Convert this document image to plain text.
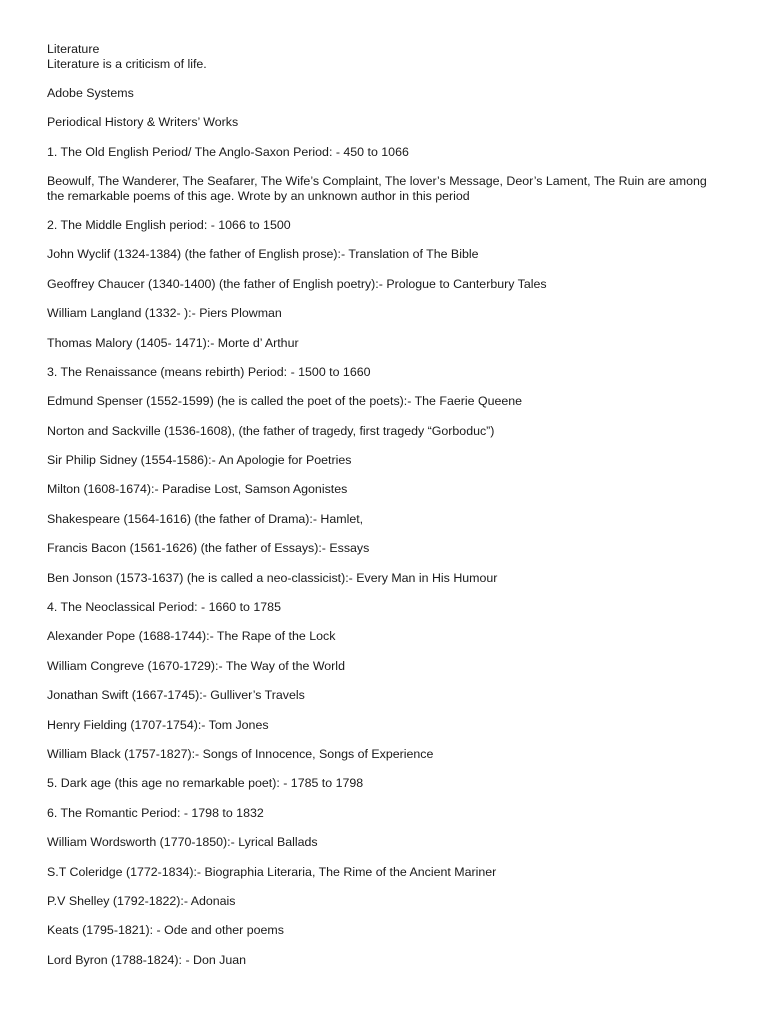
Literature

Literature is a criticism of life.

Adobe Systems

Periodical History & Writers’ Works

1. The Old English Period/ The Anglo-Saxon Period: - 450 to 1066

Beowulf, The Wanderer, The Seafarer, The Wife’s Complaint, The lover’s Message, Deor’s Lament, The Ruin are among the remarkable poems of this age. Wrote by an unknown author in this period

2. The Middle English period: - 1066 to 1500

John Wyclif (1324-1384) (the father of English prose):- Translation of The Bible

Geoffrey Chaucer (1340-1400) (the father of English poetry):- Prologue to Canterbury Tales

William Langland (1332- ):- Piers Plowman

Thomas Malory (1405- 1471):- Morte d’ Arthur

3. The Renaissance (means rebirth) Period: - 1500 to 1660

Edmund Spenser (1552-1599) (he is called the poet of the poets):- The Faerie Queene

Norton and Sackville (1536-1608), (the father of tragedy, first tragedy “Gorboduc”)

Sir Philip Sidney (1554-1586):- An Apologie for Poetries

Milton (1608-1674):- Paradise Lost, Samson Agonistes

Shakespeare (1564-1616) (the father of Drama):- Hamlet,

Francis Bacon (1561-1626) (the father of Essays):- Essays

Ben Jonson (1573-1637) (he is called a neo-classicist):- Every Man in His Humour

4. The Neoclassical Period: - 1660 to 1785

Alexander Pope (1688-1744):- The Rape of the Lock

William Congreve (1670-1729):- The Way of the World

Jonathan Swift (1667-1745):- Gulliver’s Travels

Henry Fielding (1707-1754):- Tom Jones

William Black (1757-1827):- Songs of Innocence, Songs of Experience

5. Dark age (this age no remarkable poet): - 1785 to 1798

6. The Romantic Period: - 1798 to 1832

William Wordsworth (1770-1850):- Lyrical Ballads

S.T Coleridge (1772-1834):- Biographia Literaria, The Rime of the Ancient Mariner

P.V Shelley (1792-1822):- Adonais

Keats (1795-1821): - Ode and other poems

Lord Byron (1788-1824): - Don Juan
